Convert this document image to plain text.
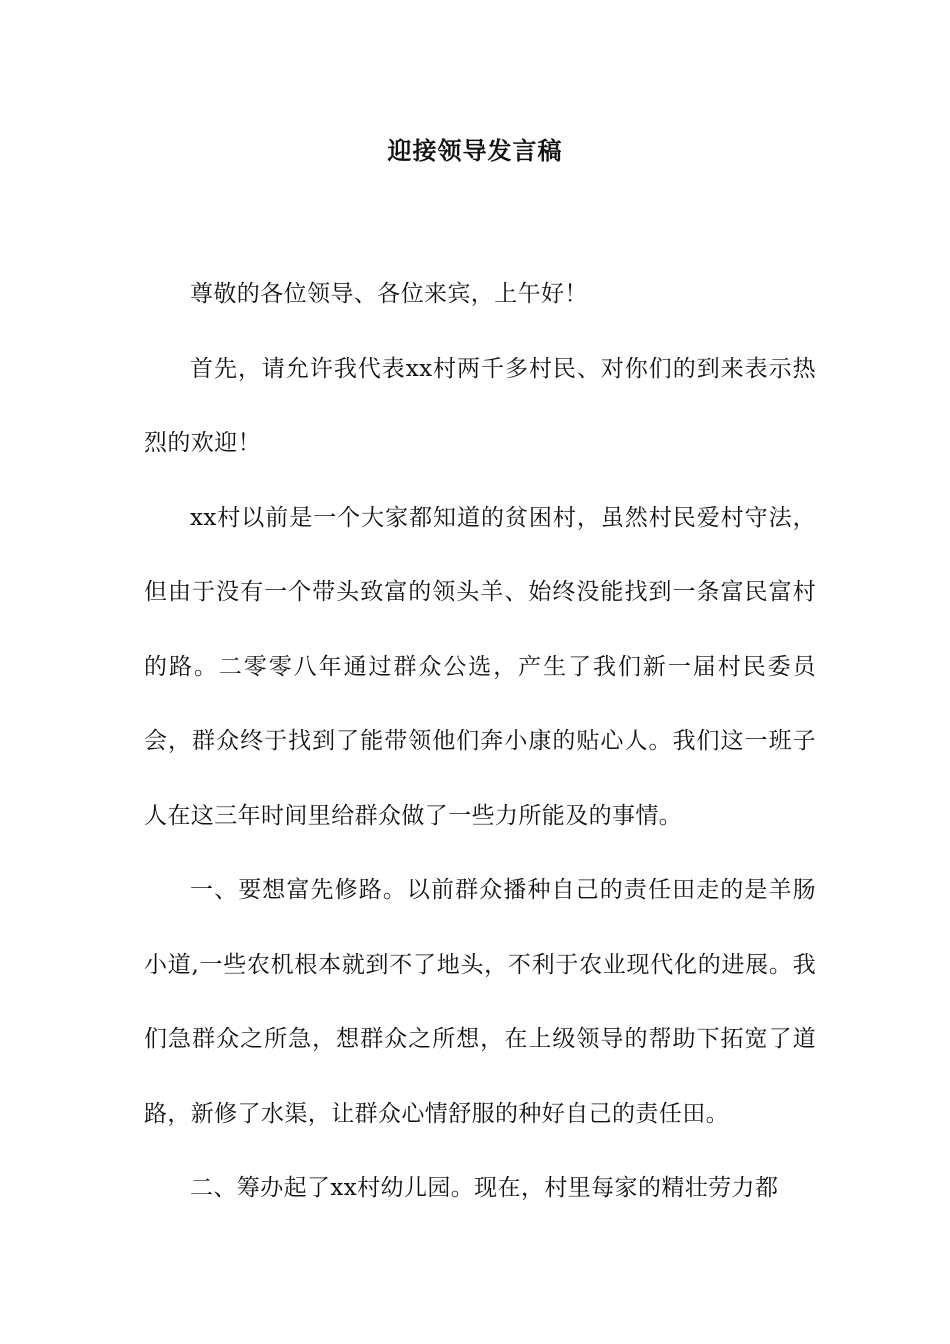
迎接领导发言稿

尊敬的各位领导、各位来宾，上午好！

首先，请允许我代表xx村两千多村民、对你们的到来表示热烈的欢迎！

xx村以前是一个大家都知道的贫困村，虽然村民爱村守法，但由于没有一个带头致富的领头羊、始终没能找到一条富民富村的路。二零零八年通过群众公选，产生了我们新一届村民委员会，群众终于找到了能带领他们奔小康的贴心人。我们这一班子人在这三年时间里给群众做了一些力所能及的事情。

一、要想富先修路。以前群众播种自己的责任田走的是羊肠小道,一些农机根本就到不了地头，不利于农业现代化的进展。我们急群众之所急，想群众之所想，在上级领导的帮助下拓宽了道路，新修了水渠，让群众心情舒服的种好自己的责任田。

二、筹办起了xx村幼儿园。现在，村里每家的精壮劳力都
